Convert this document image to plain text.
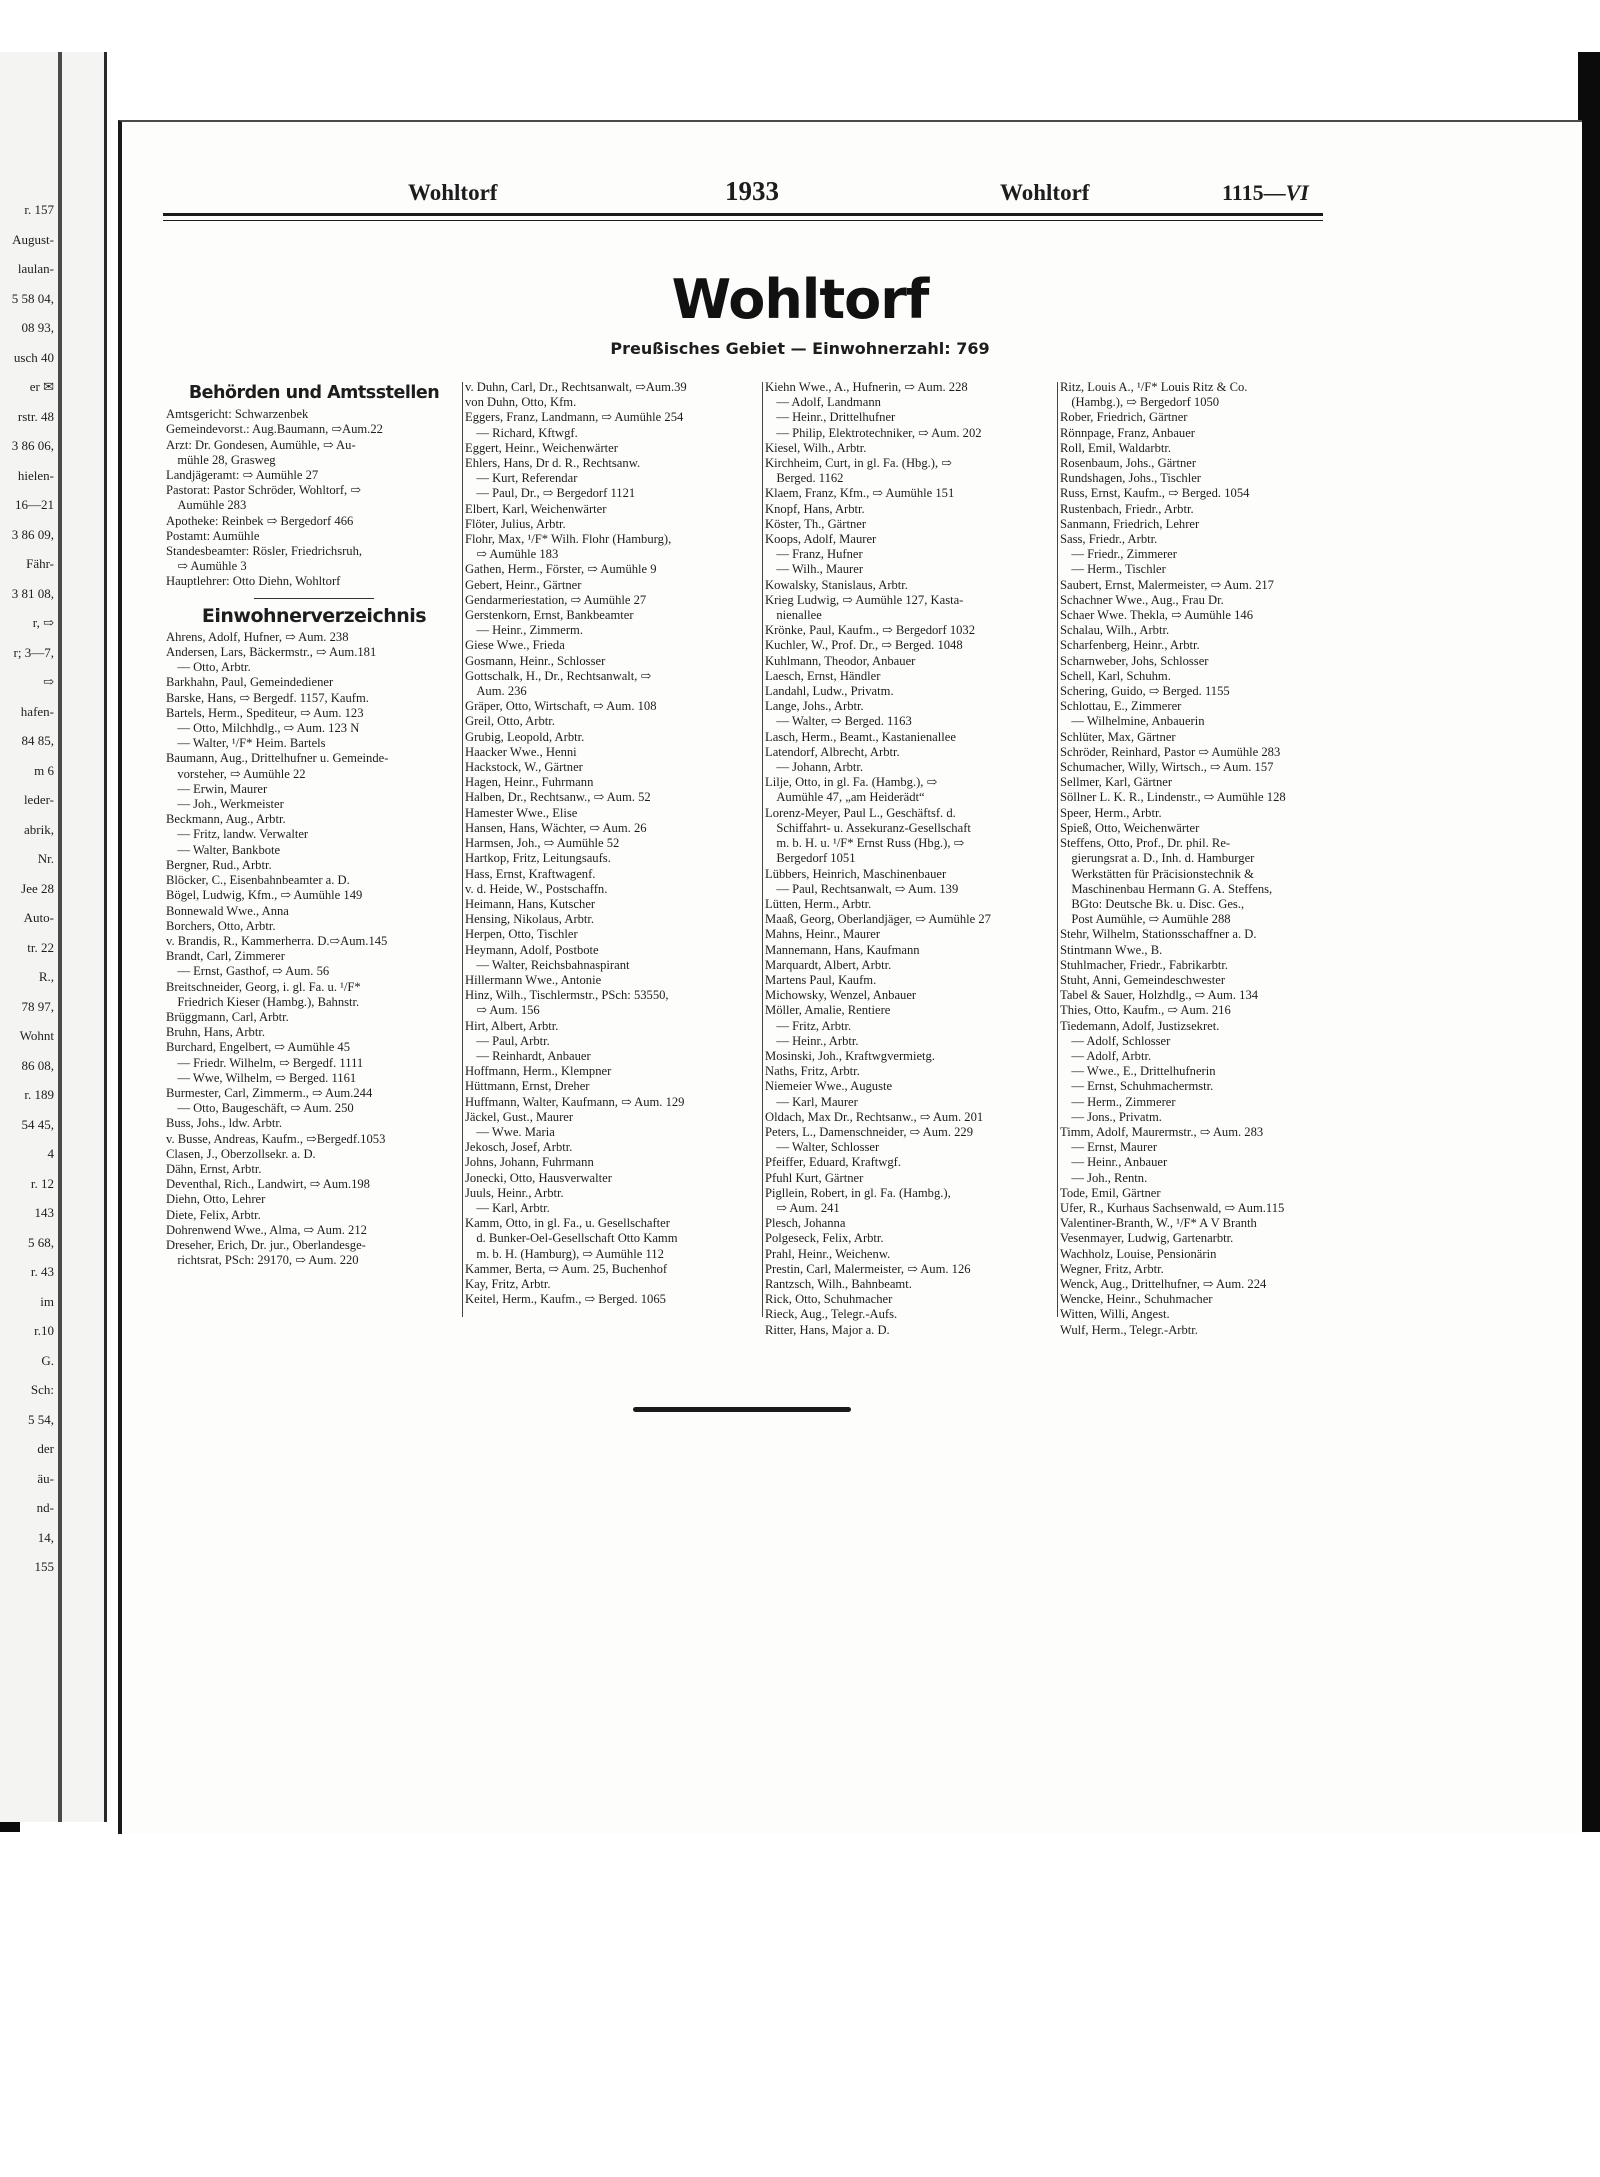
r. 157
August-
laulan-
5 58 04,
08 93,
usch 40
er ✉
rstr. 48
3 86 06,
hielen-
16—21
3 86 09,
Fähr-
3 81 08,
r, ⇨
r; 3—7,
⇨
hafen-
84 85,
m 6
leder-
abrik,
Nr.
Jee 28
Auto-
tr. 22
R.,
78 97,
Wohnt
86 08,
r. 189
54 45,
4
r. 12
143
5 68,
r. 43
im
r.10
G.
Sch:
5 54,
der
äu-
nd-
14,
155
Wohltorf	1933	Wohltorf	1115—VI
Wohltorf
Preußisches Gebiet — Einwohnerzahl: 769
Behörden und Amtsstellen
Amtsgericht: Schwarzenbek
Gemeindevorst.: Aug.Baumann, ⇨Aum.22
Arzt: Dr. Gondesen, Aumühle, ⇨ Au-
mühle 28, Grasweg
Landjägeramt: ⇨ Aumühle 27
Pastorat: Pastor Schröder, Wohltorf, ⇨
Aumühle 283
Apotheke: Reinbek ⇨ Bergedorf 466
Postamt: Aumühle
Standesbeamter: Rösler, Friedrichsruh,
⇨ Aumühle 3
Hauptlehrer: Otto Diehn, Wohltorf
Einwohnerverzeichnis
Ahrens, Adolf, Hufner, ⇨ Aum. 238
Andersen, Lars, Bäckermstr., ⇨ Aum.181
— Otto, Arbtr.
Barkhahn, Paul, Gemeindediener
Barske, Hans, ⇨ Bergedf. 1157, Kaufm.
Bartels, Herm., Spediteur, ⇨ Aum. 123
— Otto, Milchhdlg., ⇨ Aum. 123 N
— Walter, ¹/F* Heim. Bartels
Baumann, Aug., Drittelhufner u. Gemeinde-
vorsteher, ⇨ Aumühle 22
— Erwin, Maurer
— Joh., Werkmeister
Beckmann, Aug., Arbtr.
— Fritz, landw. Verwalter
— Walter, Bankbote
Bergner, Rud., Arbtr.
Blöcker, C., Eisenbahnbeamter a. D.
Bögel, Ludwig, Kfm., ⇨ Aumühle 149
Bonnewald Wwe., Anna
Borchers, Otto, Arbtr.
v. Brandis, R., Kammerherra. D.⇨Aum.145
Brandt, Carl, Zimmerer
— Ernst, Gasthof, ⇨ Aum. 56
Breitschneider, Georg, i. gl. Fa. u. ¹/F*
Friedrich Kieser (Hambg.), Bahnstr.
Brüggmann, Carl, Arbtr.
Bruhn, Hans, Arbtr.
Burchard, Engelbert, ⇨ Aumühle 45
— Friedr. Wilhelm, ⇨ Bergedf. 1111
— Wwe, Wilhelm, ⇨ Berged. 1161
Burmester, Carl, Zimmerm., ⇨ Aum.244
— Otto, Baugeschäft, ⇨ Aum. 250
Buss, Johs., ldw. Arbtr.
v. Busse, Andreas, Kaufm., ⇨Bergedf.1053
Clasen, J., Oberzollsekr. a. D.
Dähn, Ernst, Arbtr.
Deventhal, Rich., Landwirt, ⇨ Aum.198
Diehn, Otto, Lehrer
Diete, Felix, Arbtr.
Dohrenwend Wwe., Alma, ⇨ Aum. 212
Dreseher, Erich, Dr. jur., Oberlandesge-
richtsrat, PSch: 29170, ⇨ Aum. 220
v. Duhn, Carl, Dr., Rechtsanwalt, ⇨Aum.39
von Duhn, Otto, Kfm.
Eggers, Franz, Landmann, ⇨ Aumühle 254
— Richard, Kftwgf.
Eggert, Heinr., Weichenwärter
Ehlers, Hans, Dr d. R., Rechtsanw.
— Kurt, Referendar
— Paul, Dr., ⇨ Bergedorf 1121
Elbert, Karl, Weichenwärter
Flöter, Julius, Arbtr.
Flohr, Max, ¹/F* Wilh. Flohr (Hamburg),
⇨ Aumühle 183
Gathen, Herm., Förster, ⇨ Aumühle 9
Gebert, Heinr., Gärtner
Gendarmeriestation, ⇨ Aumühle 27
Gerstenkorn, Ernst, Bankbeamter
— Heinr., Zimmerm.
Giese Wwe., Frieda
Gosmann, Heinr., Schlosser
Gottschalk, H., Dr., Rechtsanwalt, ⇨
Aum. 236
Gräper, Otto, Wirtschaft, ⇨ Aum. 108
Greil, Otto, Arbtr.
Grubig, Leopold, Arbtr.
Haacker Wwe., Henni
Hackstock, W., Gärtner
Hagen, Heinr., Fuhrmann
Halben, Dr., Rechtsanw., ⇨ Aum. 52
Hamester Wwe., Elise
Hansen, Hans, Wächter, ⇨ Aum. 26
Harmsen, Joh., ⇨ Aumühle 52
Hartkop, Fritz, Leitungsaufs.
Hass, Ernst, Kraftwagenf.
v. d. Heide, W., Postschaffn.
Heimann, Hans, Kutscher
Hensing, Nikolaus, Arbtr.
Herpen, Otto, Tischler
Heymann, Adolf, Postbote
— Walter, Reichsbahnaspirant
Hillermann Wwe., Antonie
Hinz, Wilh., Tischlermstr., PSch: 53550,
⇨ Aum. 156
Hirt, Albert, Arbtr.
— Paul, Arbtr.
— Reinhardt, Anbauer
Hoffmann, Herm., Klempner
Hüttmann, Ernst, Dreher
Huffmann, Walter, Kaufmann, ⇨ Aum. 129
Jäckel, Gust., Maurer
— Wwe. Maria
Jekosch, Josef, Arbtr.
Johns, Johann, Fuhrmann
Jonecki, Otto, Hausverwalter
Juuls, Heinr., Arbtr.
— Karl, Arbtr.
Kamm, Otto, in gl. Fa., u. Gesellschafter
d. Bunker-Oel-Gesellschaft Otto Kamm
m. b. H. (Hamburg), ⇨ Aumühle 112
Kammer, Berta, ⇨ Aum. 25, Buchenhof
Kay, Fritz, Arbtr.
Keitel, Herm., Kaufm., ⇨ Berged. 1065
Kiehn Wwe., A., Hufnerin, ⇨ Aum. 228
— Adolf, Landmann
— Heinr., Drittelhufner
— Philip, Elektrotechniker, ⇨ Aum. 202
Kiesel, Wilh., Arbtr.
Kirchheim, Curt, in gl. Fa. (Hbg.), ⇨
Berged. 1162
Klaem, Franz, Kfm., ⇨ Aumühle 151
Knopf, Hans, Arbtr.
Köster, Th., Gärtner
Koops, Adolf, Maurer
— Franz, Hufner
— Wilh., Maurer
Kowalsky, Stanislaus, Arbtr.
Krieg Ludwig, ⇨ Aumühle 127, Kasta-
nienallee
Krönke, Paul, Kaufm., ⇨ Bergedorf 1032
Kuchler, W., Prof. Dr., ⇨ Berged. 1048
Kuhlmann, Theodor, Anbauer
Laesch, Ernst, Händler
Landahl, Ludw., Privatm.
Lange, Johs., Arbtr.
— Walter, ⇨ Berged. 1163
Lasch, Herm., Beamt., Kastanienallee
Latendorf, Albrecht, Arbtr.
— Johann, Arbtr.
Lilje, Otto, in gl. Fa. (Hambg.), ⇨
Aumühle 47, „am Heiderädt“
Lorenz-Meyer, Paul L., Geschäftsf. d.
Schiffahrt- u. Assekuranz-Gesellschaft
m. b. H. u. ¹/F* Ernst Russ (Hbg.), ⇨
Bergedorf 1051
Lübbers, Heinrich, Maschinenbauer
— Paul, Rechtsanwalt, ⇨ Aum. 139
Lütten, Herm., Arbtr.
Maaß, Georg, Oberlandjäger, ⇨ Aumühle 27
Mahns, Heinr., Maurer
Mannemann, Hans, Kaufmann
Marquardt, Albert, Arbtr.
Martens Paul, Kaufm.
Michowsky, Wenzel, Anbauer
Möller, Amalie, Rentiere
— Fritz, Arbtr.
— Heinr., Arbtr.
Mosinski, Joh., Kraftwgvermietg.
Naths, Fritz, Arbtr.
Niemeier Wwe., Auguste
— Karl, Maurer
Oldach, Max Dr., Rechtsanw., ⇨ Aum. 201
Peters, L., Damenschneider, ⇨ Aum. 229
— Walter, Schlosser
Pfeiffer, Eduard, Kraftwgf.
Pfuhl Kurt, Gärtner
Pigllein, Robert, in gl. Fa. (Hambg.),
⇨ Aum. 241
Plesch, Johanna
Polgeseck, Felix, Arbtr.
Prahl, Heinr., Weichenw.
Prestin, Carl, Malermeister, ⇨ Aum. 126
Rantzsch, Wilh., Bahnbeamt.
Rick, Otto, Schuhmacher
Rieck, Aug., Telegr.-Aufs.
Ritter, Hans, Major a. D.
Ritz, Louis A., ¹/F* Louis Ritz & Co.
(Hambg.), ⇨ Bergedorf 1050
Rober, Friedrich, Gärtner
Rönnpage, Franz, Anbauer
Roll, Emil, Waldarbtr.
Rosenbaum, Johs., Gärtner
Rundshagen, Johs., Tischler
Russ, Ernst, Kaufm., ⇨ Berged. 1054
Rustenbach, Friedr., Arbtr.
Sanmann, Friedrich, Lehrer
Sass, Friedr., Arbtr.
— Friedr., Zimmerer
— Herm., Tischler
Saubert, Ernst, Malermeister, ⇨ Aum. 217
Schachner Wwe., Aug., Frau Dr.
Schaer Wwe. Thekla, ⇨ Aumühle 146
Schalau, Wilh., Arbtr.
Scharfenberg, Heinr., Arbtr.
Scharnweber, Johs, Schlosser
Schell, Karl, Schuhm.
Schering, Guido, ⇨ Berged. 1155
Schlottau, E., Zimmerer
— Wilhelmine, Anbauerin
Schlüter, Max, Gärtner
Schröder, Reinhard, Pastor ⇨ Aumühle 283
Schumacher, Willy, Wirtsch., ⇨ Aum. 157
Sellmer, Karl, Gärtner
Söllner L. K. R., Lindenstr., ⇨ Aumühle 128
Speer, Herm., Arbtr.
Spieß, Otto, Weichenwärter
Steffens, Otto, Prof., Dr. phil. Re-
gierungsrat a. D., Inh. d. Hamburger
Werkstätten für Präcisionstechnik &
Maschinenbau Hermann G. A. Steffens,
BGto: Deutsche Bk. u. Disc. Ges.,
Post Aumühle, ⇨ Aumühle 288
Stehr, Wilhelm, Stationsschaffner a. D.
Stintmann Wwe., B.
Stuhlmacher, Friedr., Fabrikarbtr.
Stuht, Anni, Gemeindeschwester
Tabel & Sauer, Holzhdlg., ⇨ Aum. 134
Thies, Otto, Kaufm., ⇨ Aum. 216
Tiedemann, Adolf, Justizsekret.
— Adolf, Schlosser
— Adolf, Arbtr.
— Wwe., E., Drittelhufnerin
— Ernst, Schuhmachermstr.
— Herm., Zimmerer
— Jons., Privatm.
Timm, Adolf, Maurermstr., ⇨ Aum. 283
— Ernst, Maurer
— Heinr., Anbauer
— Joh., Rentn.
Tode, Emil, Gärtner
Ufer, R., Kurhaus Sachsenwald, ⇨ Aum.115
Valentiner-Branth, W., ¹/F* A V Branth
Vesenmayer, Ludwig, Gartenarbtr.
Wachholz, Louise, Pensionärin
Wegner, Fritz, Arbtr.
Wenck, Aug., Drittelhufner, ⇨ Aum. 224
Wencke, Heinr., Schuhmacher
Witten, Willi, Angest.
Wulf, Herm., Telegr.-Arbtr.
